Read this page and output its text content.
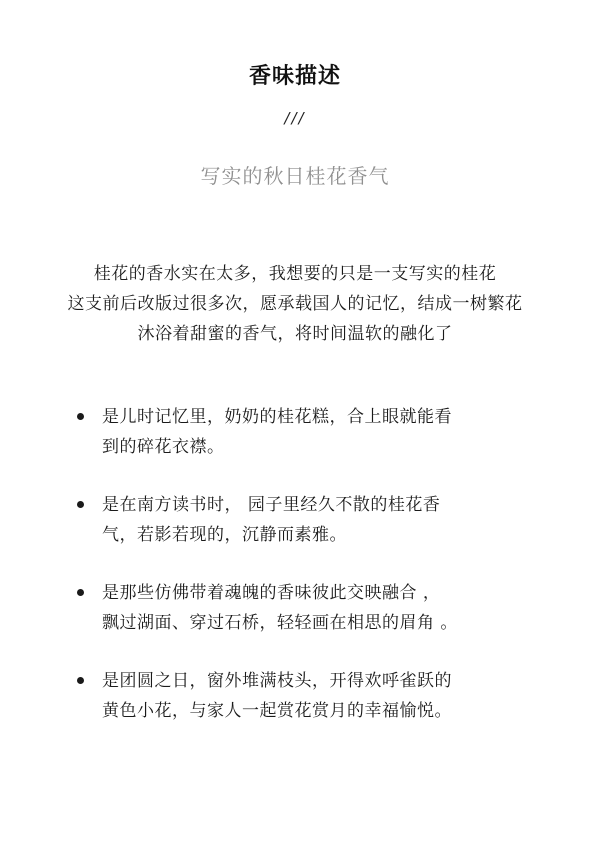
香味描述
///
写实的秋日桂花香气
桂花的香水实在太多，我想要的只是一支写实的桂花
这支前后改版过很多次，愿承载国人的记忆，结成一树繁花
沐浴着甜蜜的香气，将时间温软的融化了
是儿时记忆里，奶奶的桂花糕，合上眼就能看
到的碎花衣襟。
是在南方读书时， 园子里经久不散的桂花香
气，若影若现的，沉静而素雅。
是那些仿佛带着魂魄的香味彼此交映融合 ，
飘过湖面、穿过石桥，轻轻画在相思的眉角 。
是团圆之日，窗外堆满枝头，开得欢呼雀跃的
黄色小花，与家人一起赏花赏月的幸福愉悦。
